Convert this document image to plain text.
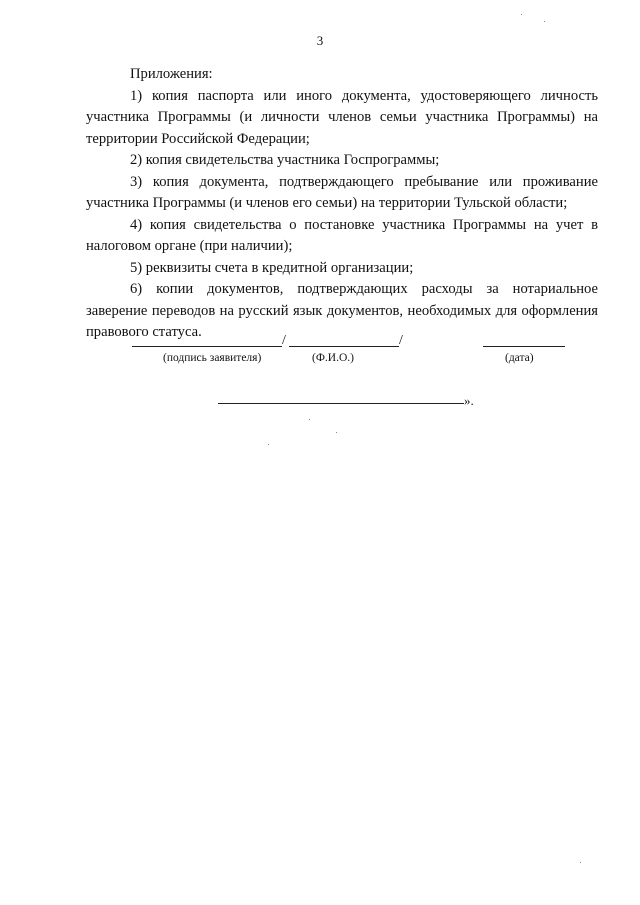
3
Приложения:

1) копия паспорта или иного документа, удостоверяющего личность участника Программы (и личности членов семьи участника Программы) на территории Российской Федерации;

2) копия свидетельства участника Госпрограммы;

3) копия документа, подтверждающего пребывание или проживание участника Программы (и членов его семьи) на территории Тульской области;

4) копия свидетельства о постановке участника Программы на учет в налоговом органе (при наличии);

5) реквизиты счета в кредитной организации;

6) копии документов, подтверждающих расходы за нотариальное заверение переводов на русский язык документов, необходимых для оформления правового статуса.

/	/
(подпись заявителя)	(Ф.И.О.)	(дата)
».
